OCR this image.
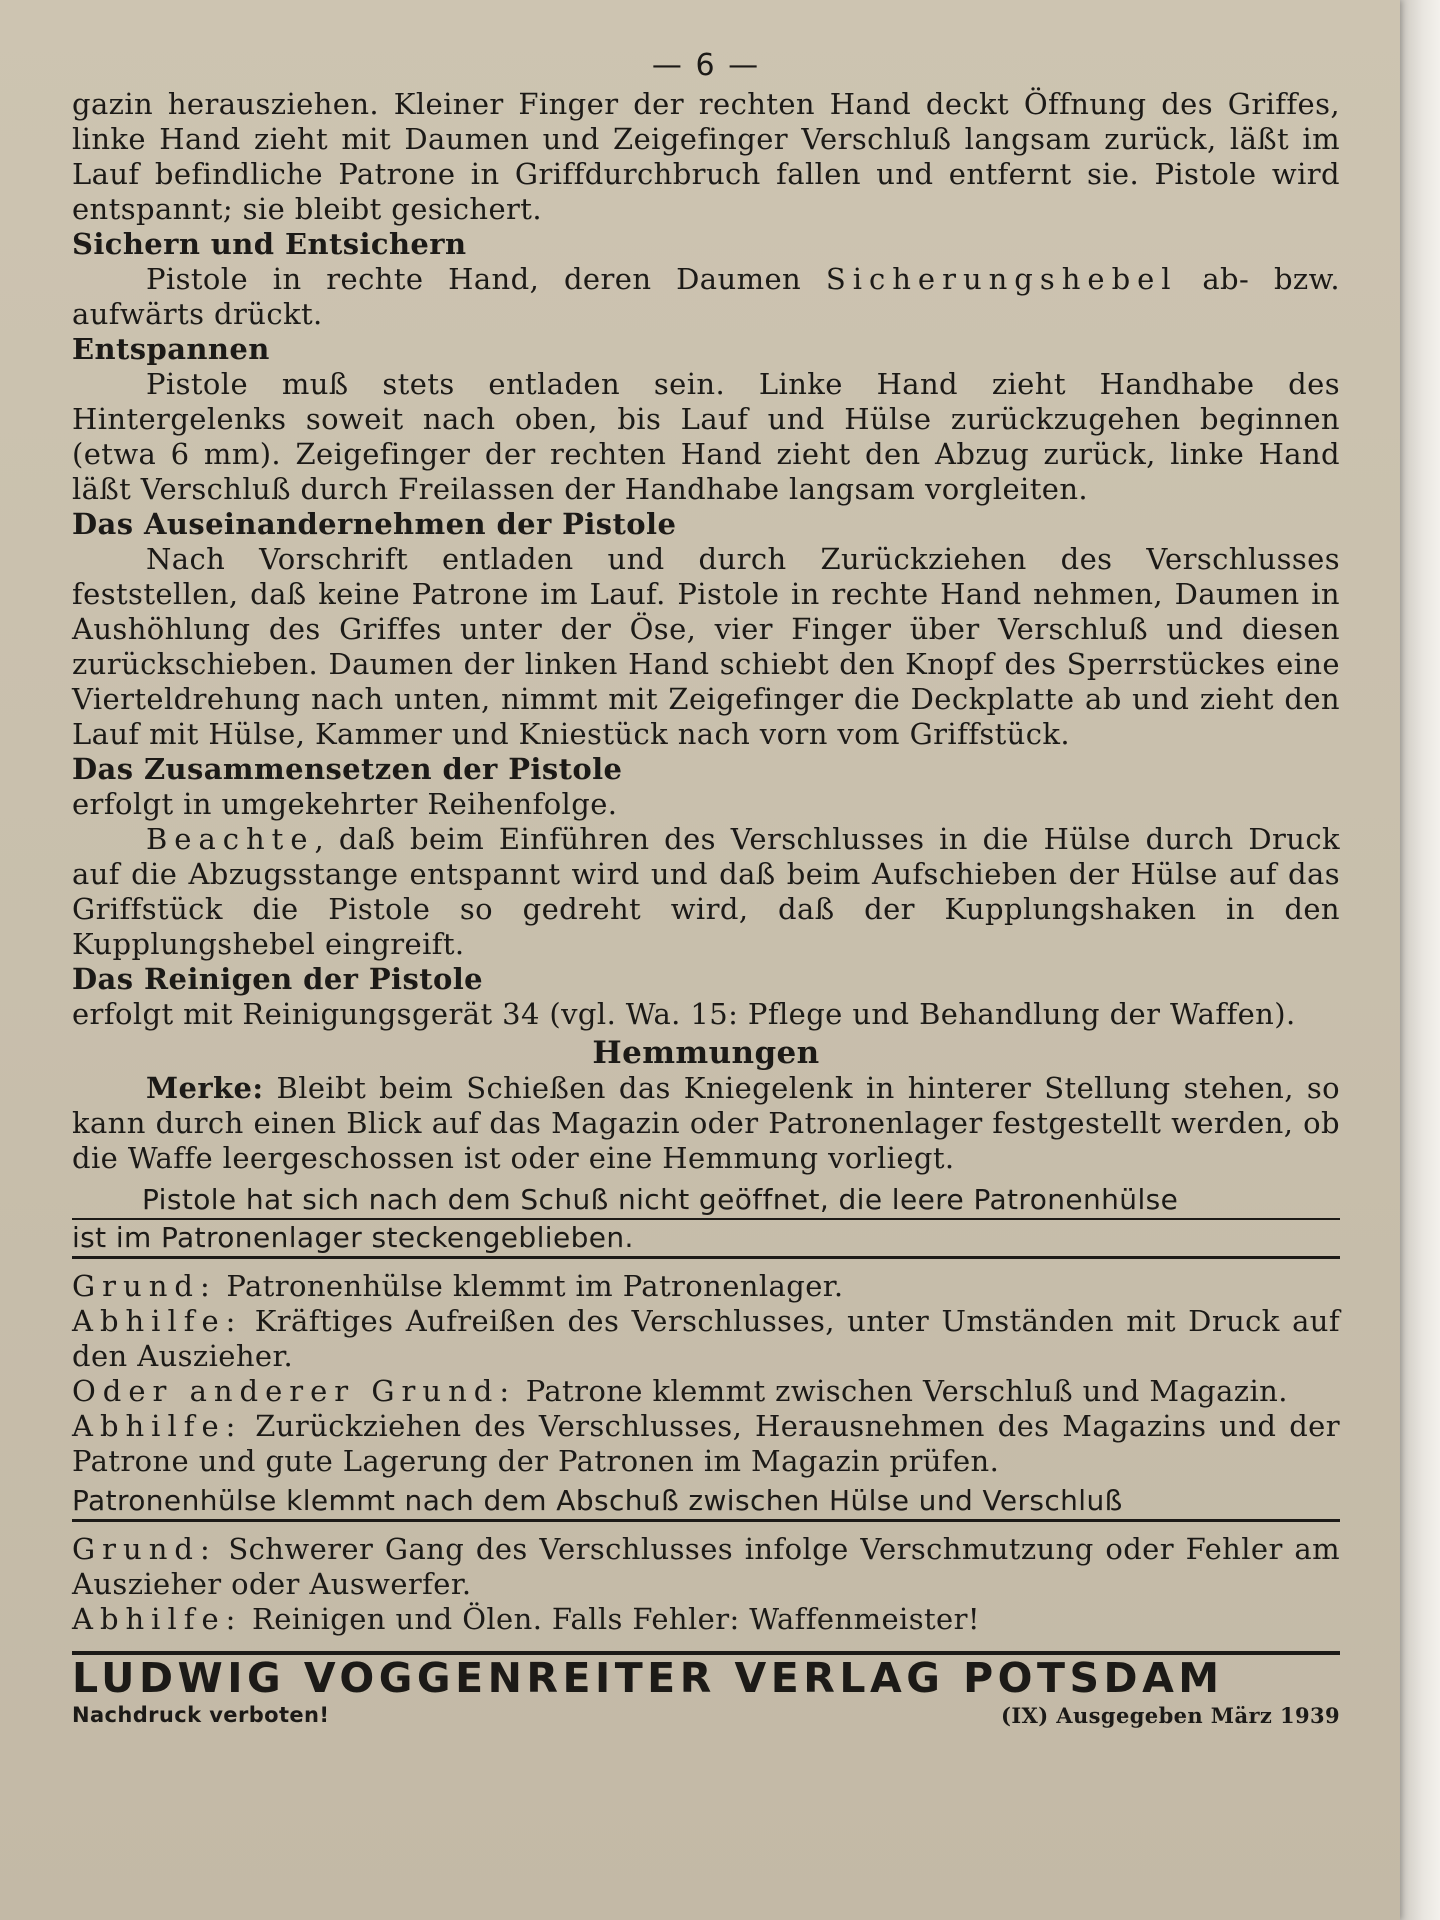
— 6 —

gazin herausziehen. Kleiner Finger der rechten Hand deckt Öffnung des Griffes, linke Hand zieht mit Daumen und Zeigefinger Verschluß langsam zurück, läßt im Lauf befindliche Patrone in Griffdurchbruch fallen und entfernt sie. Pistole wird entspannt; sie bleibt gesichert.

Sichern und Entsichern

Pistole in rechte Hand, deren Daumen Sicherungshebel ab- bzw. aufwärts drückt.

Entspannen

Pistole muß stets entladen sein. Linke Hand zieht Handhabe des Hintergelenks soweit nach oben, bis Lauf und Hülse zurückzugehen beginnen (etwa 6 mm). Zeigefinger der rechten Hand zieht den Abzug zurück, linke Hand läßt Verschluß durch Freilassen der Handhabe langsam vorgleiten.

Das Auseinandernehmen der Pistole

Nach Vorschrift entladen und durch Zurückziehen des Verschlusses feststellen, daß keine Patrone im Lauf. Pistole in rechte Hand nehmen, Daumen in Aushöhlung des Griffes unter der Öse, vier Finger über Verschluß und diesen zurückschieben. Daumen der linken Hand schiebt den Knopf des Sperrstückes eine Vierteldrehung nach unten, nimmt mit Zeigefinger die Deckplatte ab und zieht den Lauf mit Hülse, Kammer und Kniestück nach vorn vom Griffstück.

Das Zusammensetzen der Pistole

erfolgt in umgekehrter Reihenfolge.

Beachte, daß beim Einführen des Verschlusses in die Hülse durch Druck auf die Abzugsstange entspannt wird und daß beim Aufschieben der Hülse auf das Griffstück die Pistole so gedreht wird, daß der Kupplungshaken in den Kupplungshebel eingreift.

Das Reinigen der Pistole

erfolgt mit Reinigungsgerät 34 (vgl. Wa. 15: Pflege und Behandlung der Waffen).

Hemmungen

Merke: Bleibt beim Schießen das Kniegelenk in hinterer Stellung stehen, so kann durch einen Blick auf das Magazin oder Patronenlager festgestellt werden, ob die Waffe leergeschossen ist oder eine Hemmung vorliegt.

Pistole hat sich nach dem Schuß nicht geöffnet, die leere Patronenhülse
ist im Patronenlager steckengeblieben.

Grund: Patronenhülse klemmt im Patronenlager.

Abhilfe: Kräftiges Aufreißen des Verschlusses, unter Umständen mit Druck auf den Auszieher.

Oder anderer Grund: Patrone klemmt zwischen Verschluß und Magazin.

Abhilfe: Zurückziehen des Verschlusses, Herausnehmen des Magazins und der Patrone und gute Lagerung der Patronen im Magazin prüfen.

Patronenhülse klemmt nach dem Abschuß zwischen Hülse und Verschluß

Grund: Schwerer Gang des Verschlusses infolge Verschmutzung oder Fehler am Auszieher oder Auswerfer.

Abhilfe: Reinigen und Ölen. Falls Fehler: Waffenmeister!

LUDWIG VOGGENREITER VERLAG POTSDAM
Nachdruck verboten!	(IX) Ausgegeben März 1939
